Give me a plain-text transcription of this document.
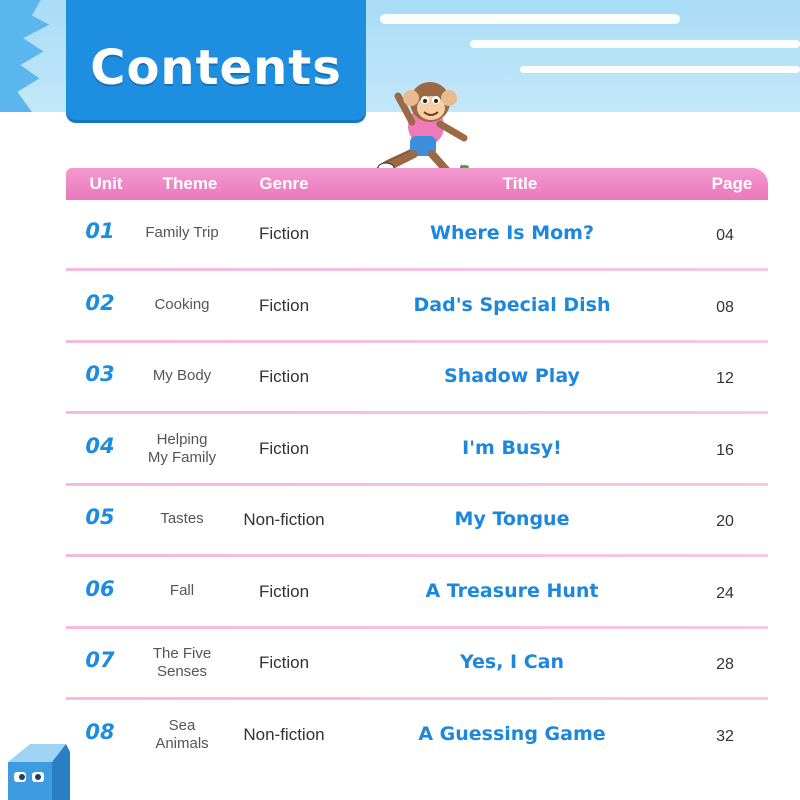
Contents
Unit	Theme	Genre	Title	Page
01	Family Trip	Fiction	Where Is Mom?	04
02	Cooking	Fiction	Dad's Special Dish	08
03	My Body	Fiction	Shadow Play	12
04	Helping
My Family	Fiction	I'm Busy!	16
05	Tastes	Non-fiction	My Tongue	20
06	Fall	Fiction	A Treasure Hunt	24
07	The Five
Senses	Fiction	Yes, I Can	28
08	Sea
Animals	Non-fiction	A Guessing Game	32
